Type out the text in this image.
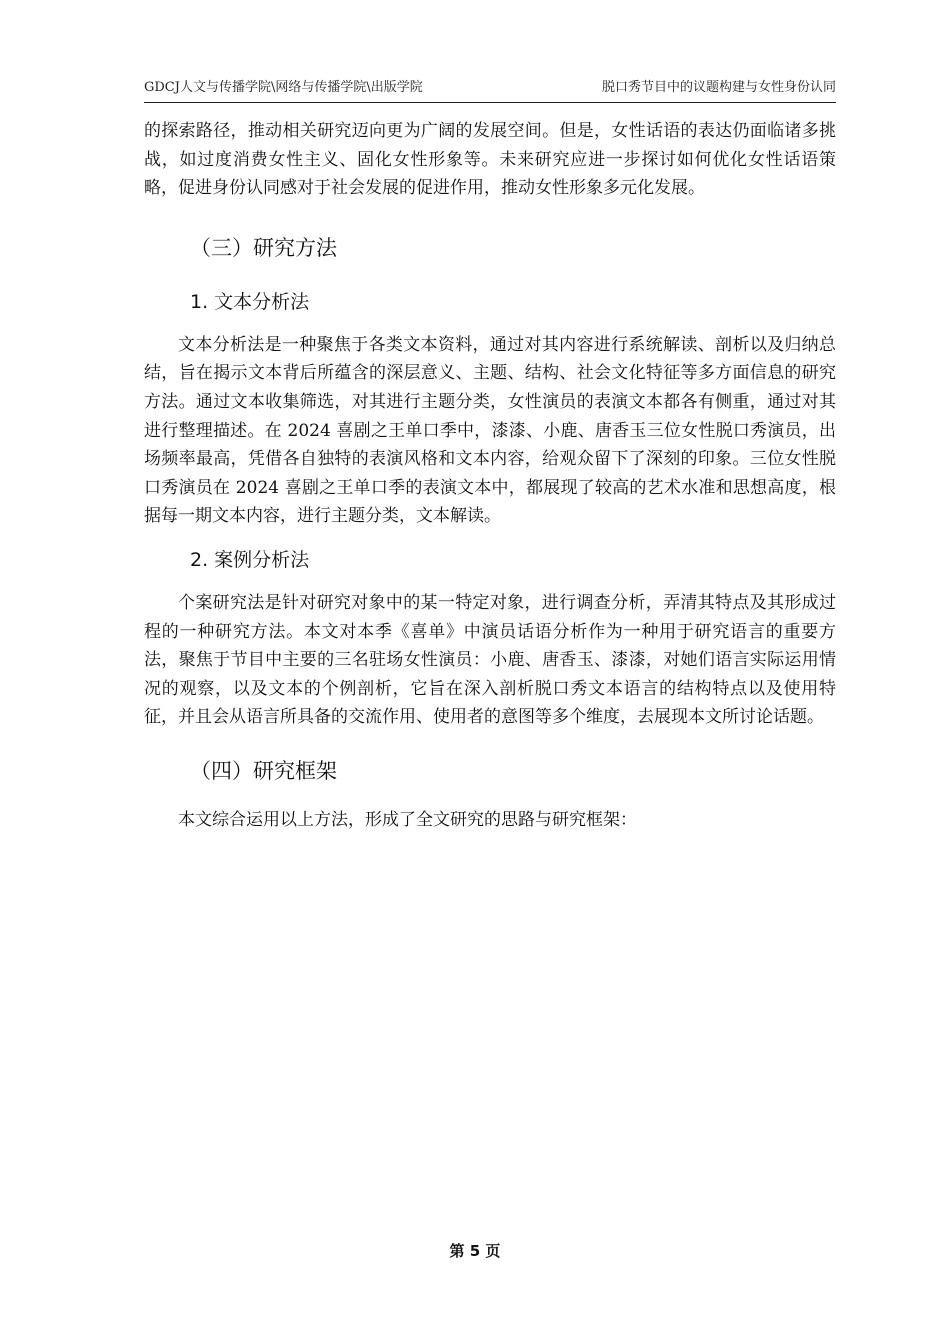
GDCJ人文与传播学院\网络与传播学院\出版学院	脱口秀节目中的议题构建与女性身份认同

的探索路径，推动相关研究迈向更为广阔的发展空间。但是，女性话语的表达仍面临诸多挑战，如过度消费女性主义、固化女性形象等。未来研究应进一步探讨如何优化女性话语策略，促进身份认同感对于社会发展的促进作用，推动女性形象多元化发展。

（三）研究方法
1. 文本分析法

文本分析法是一种聚焦于各类文本资料，通过对其内容进行系统解读、剖析以及归纳总结，旨在揭示文本背后所蕴含的深层意义、主题、结构、社会文化特征等多方面信息的研究方法。通过文本收集筛选，对其进行主题分类，女性演员的表演文本都各有侧重，通过对其进行整理描述。在 2024 喜剧之王单口季中，漆漆、小鹿、唐香玉三位女性脱口秀演员，出场频率最高，凭借各自独特的表演风格和文本内容，给观众留下了深刻的印象。三位女性脱口秀演员在 2024 喜剧之王单口季的表演文本中，都展现了较高的艺术水准和思想高度，根据每一期文本内容，进行主题分类，文本解读。

2. 案例分析法

个案研究法是针对研究对象中的某一特定对象，进行调查分析，弄清其特点及其形成过程的一种研究方法。本文对本季《喜单》中演员话语分析作为一种用于研究语言的重要方法，聚焦于节目中主要的三名驻场女性演员：小鹿、唐香玉、漆漆，对她们语言实际运用情况的观察，以及文本的个例剖析，它旨在深入剖析脱口秀文本语言的结构特点以及使用特征，并且会从语言所具备的交流作用、使用者的意图等多个维度，去展现本文所讨论话题。

（四）研究框架

本文综合运用以上方法，形成了全文研究的思路与研究框架：

第 5 页
